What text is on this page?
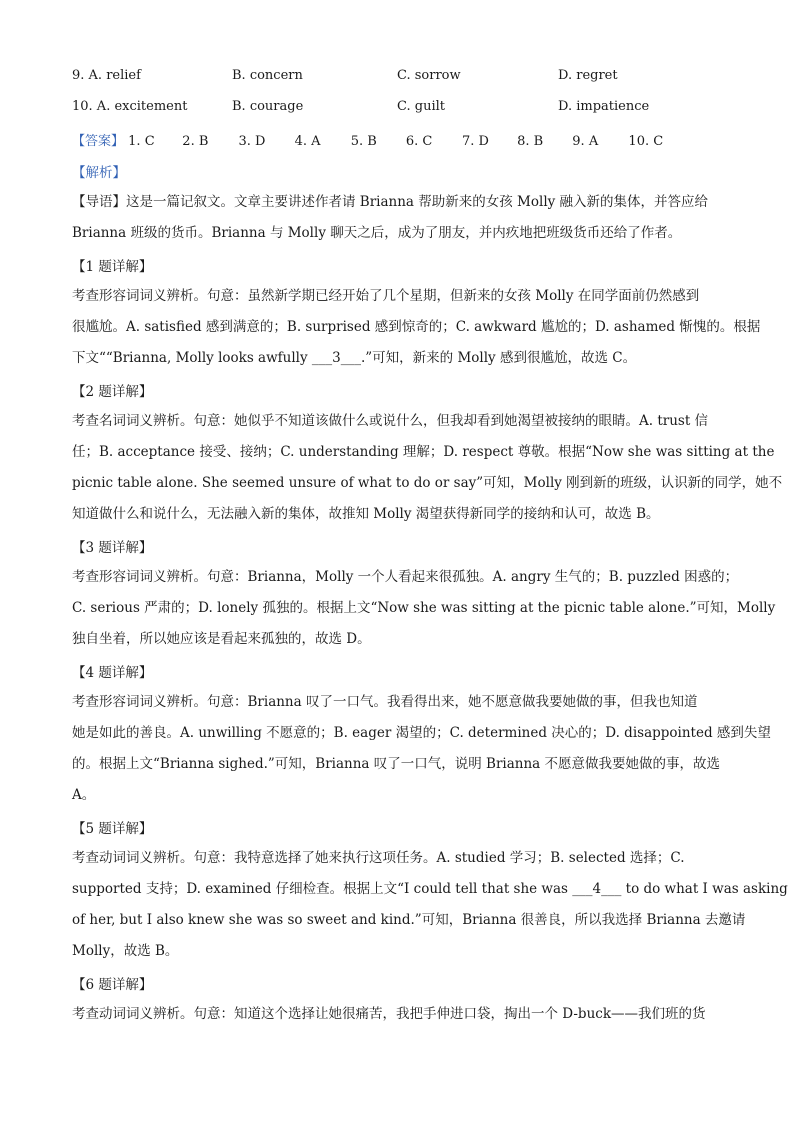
9. A. relief	B. concern	C. sorrow	D. regret
10. A. excitement	B. courage	C. guilt	D. impatience
【答案】 1. C 2. B 3. D 4. A 5. B 6. C 7. D 8. B 9. A 10. C
【解析】
【导语】这是一篇记叙文。文章主要讲述作者请 Brianna 帮助新来的女孩 Molly 融入新的集体，并答应给
Brianna 班级的货币。Brianna 与 Molly 聊天之后，成为了朋友，并内疚地把班级货币还给了作者。
【1 题详解】
考查形容词词义辨析。句意：虽然新学期已经开始了几个星期，但新来的女孩 Molly 在同学面前仍然感到
很尴尬。A. satisfied 感到满意的；B. surprised 感到惊奇的；C. awkward 尴尬的；D. ashamed 惭愧的。根据
下文““Brianna, Molly looks awfully ___3___.”可知，新来的 Molly 感到很尴尬，故选 C。
【2 题详解】
考查名词词义辨析。句意：她似乎不知道该做什么或说什么，但我却看到她渴望被接纳的眼睛。A. trust 信
任；B. acceptance 接受、接纳；C. understanding 理解；D. respect 尊敬。根据“Now she was sitting at the
picnic table alone. She seemed unsure of what to do or say”可知，Molly 刚到新的班级，认识新的同学，她不
知道做什么和说什么，无法融入新的集体，故推知 Molly 渴望获得新同学的接纳和认可，故选 B。
【3 题详解】
考查形容词词义辨析。句意：Brianna，Molly 一个人看起来很孤独。A. angry 生气的；B. puzzled 困惑的；
C. serious 严肃的；D. lonely 孤独的。根据上文“Now she was sitting at the picnic table alone.”可知，Molly
独自坐着，所以她应该是看起来孤独的，故选 D。
【4 题详解】
考查形容词词义辨析。句意：Brianna 叹了一口气。我看得出来，她不愿意做我要她做的事，但我也知道
她是如此的善良。A. unwilling 不愿意的；B. eager 渴望的；C. determined 决心的；D. disappointed 感到失望
的。根据上文“Brianna sighed.”可知，Brianna 叹了一口气，说明 Brianna 不愿意做我要她做的事，故选
A。
【5 题详解】
考查动词词义辨析。句意：我特意选择了她来执行这项任务。A. studied 学习；B. selected 选择；C.
supported 支持；D. examined 仔细检查。根据上文“I could tell that she was ___4___ to do what I was asking
of her, but I also knew she was so sweet and kind.”可知，Brianna 很善良，所以我选择 Brianna 去邀请
Molly，故选 B。
【6 题详解】
考查动词词义辨析。句意：知道这个选择让她很痛苦，我把手伸进口袋，掏出一个 D-buck——我们班的货
